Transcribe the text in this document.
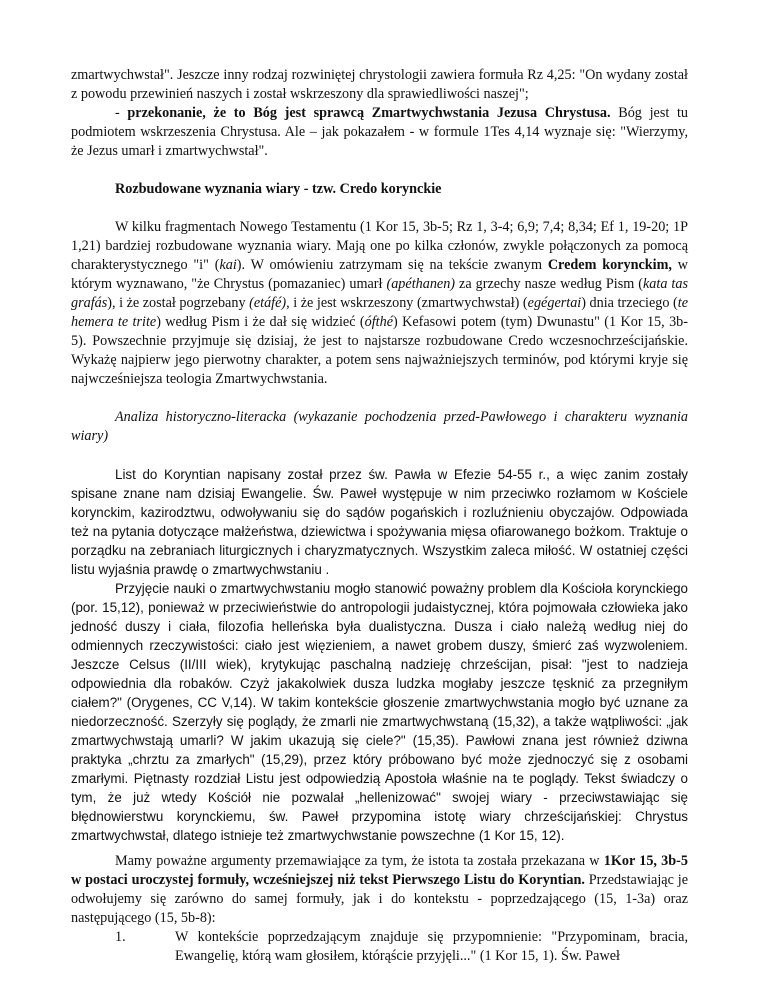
zmartwychwstał". Jeszcze inny rodzaj rozwiniętej chrystologii zawiera formuła Rz 4,25: "On wydany został z powodu przewinień naszych i został wskrzeszony dla sprawiedliwości naszej";

- przekonanie, że to Bóg jest sprawcą Zmartwychwstania Jezusa Chrystusa. Bóg jest tu podmiotem wskrzeszenia Chrystusa. Ale – jak pokazałem - w formule 1Tes 4,14 wyznaje się: "Wierzymy, że Jezus umarł i zmartwychwstał".

Rozbudowane wyznania wiary - tzw. Credo korynckie

W kilku fragmentach Nowego Testamentu (1 Kor 15, 3b-5; Rz 1, 3-4; 6,9; 7,4; 8,34; Ef 1, 19-20; 1P 1,21) bardziej rozbudowane wyznania wiary. Mają one po kilka członów, zwykle połączonych za pomocą charakterystycznego "i" (kai). W omówieniu zatrzymam się na tekście zwanym Credem korynckim, w którym wyznawano, "że Chrystus (pomazaniec) umarł (apéthanen) za grzechy nasze według Pism (kata tas grafás), i że został pogrzebany (etáfé), i że jest wskrzeszony (zmartwychwstał) (egégertai) dnia trzeciego (te hemera te trite) według Pism i że dał się widzieć (ófthé) Kefasowi potem (tym) Dwunastu" (1 Kor 15, 3b-5). Powszechnie przyjmuje się dzisiaj, że jest to najstarsze rozbudowane Credo wczesnochrześcijańskie. Wykażę najpierw jego pierwotny charakter, a potem sens najważniejszych terminów, pod którymi kryje się najwcześniejsza teologia Zmartwychwstania.

Analiza historyczno-literacka (wykazanie pochodzenia przed-Pawłowego i charakteru wyznania wiary)

List do Koryntian napisany został przez św. Pawła w Efezie 54-55 r., a więc zanim zostały spisane znane nam dzisiaj Ewangelie. Św. Paweł występuje w nim przeciwko rozłamom w Kościele korynckim, kazirodztwu, odwoływaniu się do sądów pogańskich i rozluźnieniu obyczajów. Odpowiada też na pytania dotyczące małżeństwa, dziewictwa i spożywania mięsa ofiarowanego bożkom. Traktuje o porządku na zebraniach liturgicznych i charyzmatycznych. Wszystkim zaleca miłość. W ostatniej części listu wyjaśnia prawdę o zmartwychwstaniu .

Przyjęcie nauki o zmartwychwstaniu mogło stanowić poważny problem dla Kościoła korynckiego (por. 15,12), ponieważ w przeciwieństwie do antropologii judaistycznej, która pojmowała człowieka jako jedność duszy i ciała, filozofia helleńska była dualistyczna. Dusza i ciało należą według niej do odmiennych rzeczywistości: ciało jest więzieniem, a nawet grobem duszy, śmierć zaś wyzwoleniem. Jeszcze Celsus (II/III wiek), krytykując paschalną nadzieję chrześcijan, pisał: "jest to nadzieja odpowiednia dla robaków. Czyż jakakolwiek dusza ludzka mogłaby jeszcze tęsknić za przegniłym ciałem?" (Orygenes, CC V,14). W takim kontekście głoszenie zmartwychwstania mogło być uznane za niedorzeczność. Szerzyły się poglądy, że zmarli nie zmartwychwstaną (15,32), a także wątpliwości: „jak zmartwychwstają umarli? W jakim ukazują się ciele?" (15,35). Pawłowi znana jest również dziwna praktyka „chrztu za zmarłych" (15,29), przez który próbowano być może zjednoczyć się z osobami zmarłymi. Piętnasty rozdział Listu jest odpowiedzią Apostoła właśnie na te poglądy. Tekst świadczy o tym, że już wtedy Kościół nie pozwalał „hellenizować" swojej wiary - przeciwstawiając się błędnowierstwu korynckiemu, św. Paweł przypomina istotę wiary chrześcijańskiej: Chrystus zmartwychwstał, dlatego istnieje też zmartwychwstanie powszechne (1 Kor 15, 12).

Mamy poważne argumenty przemawiające za tym, że istota ta została przekazana w 1Kor 15, 3b-5 w postaci uroczystej formuły, wcześniejszej niż tekst Pierwszego Listu do Koryntian. Przedstawiając je odwołujemy się zarówno do samej formuły, jak i do kontekstu - poprzedzającego (15, 1-3a) oraz następującego (15, 5b-8):

1.	W kontekście poprzedzającym znajduje się przypomnienie: "Przypominam, bracia, Ewangelię, którą wam głosiłem, którąście przyjęli..." (1 Kor 15, 1). Św. Paweł
